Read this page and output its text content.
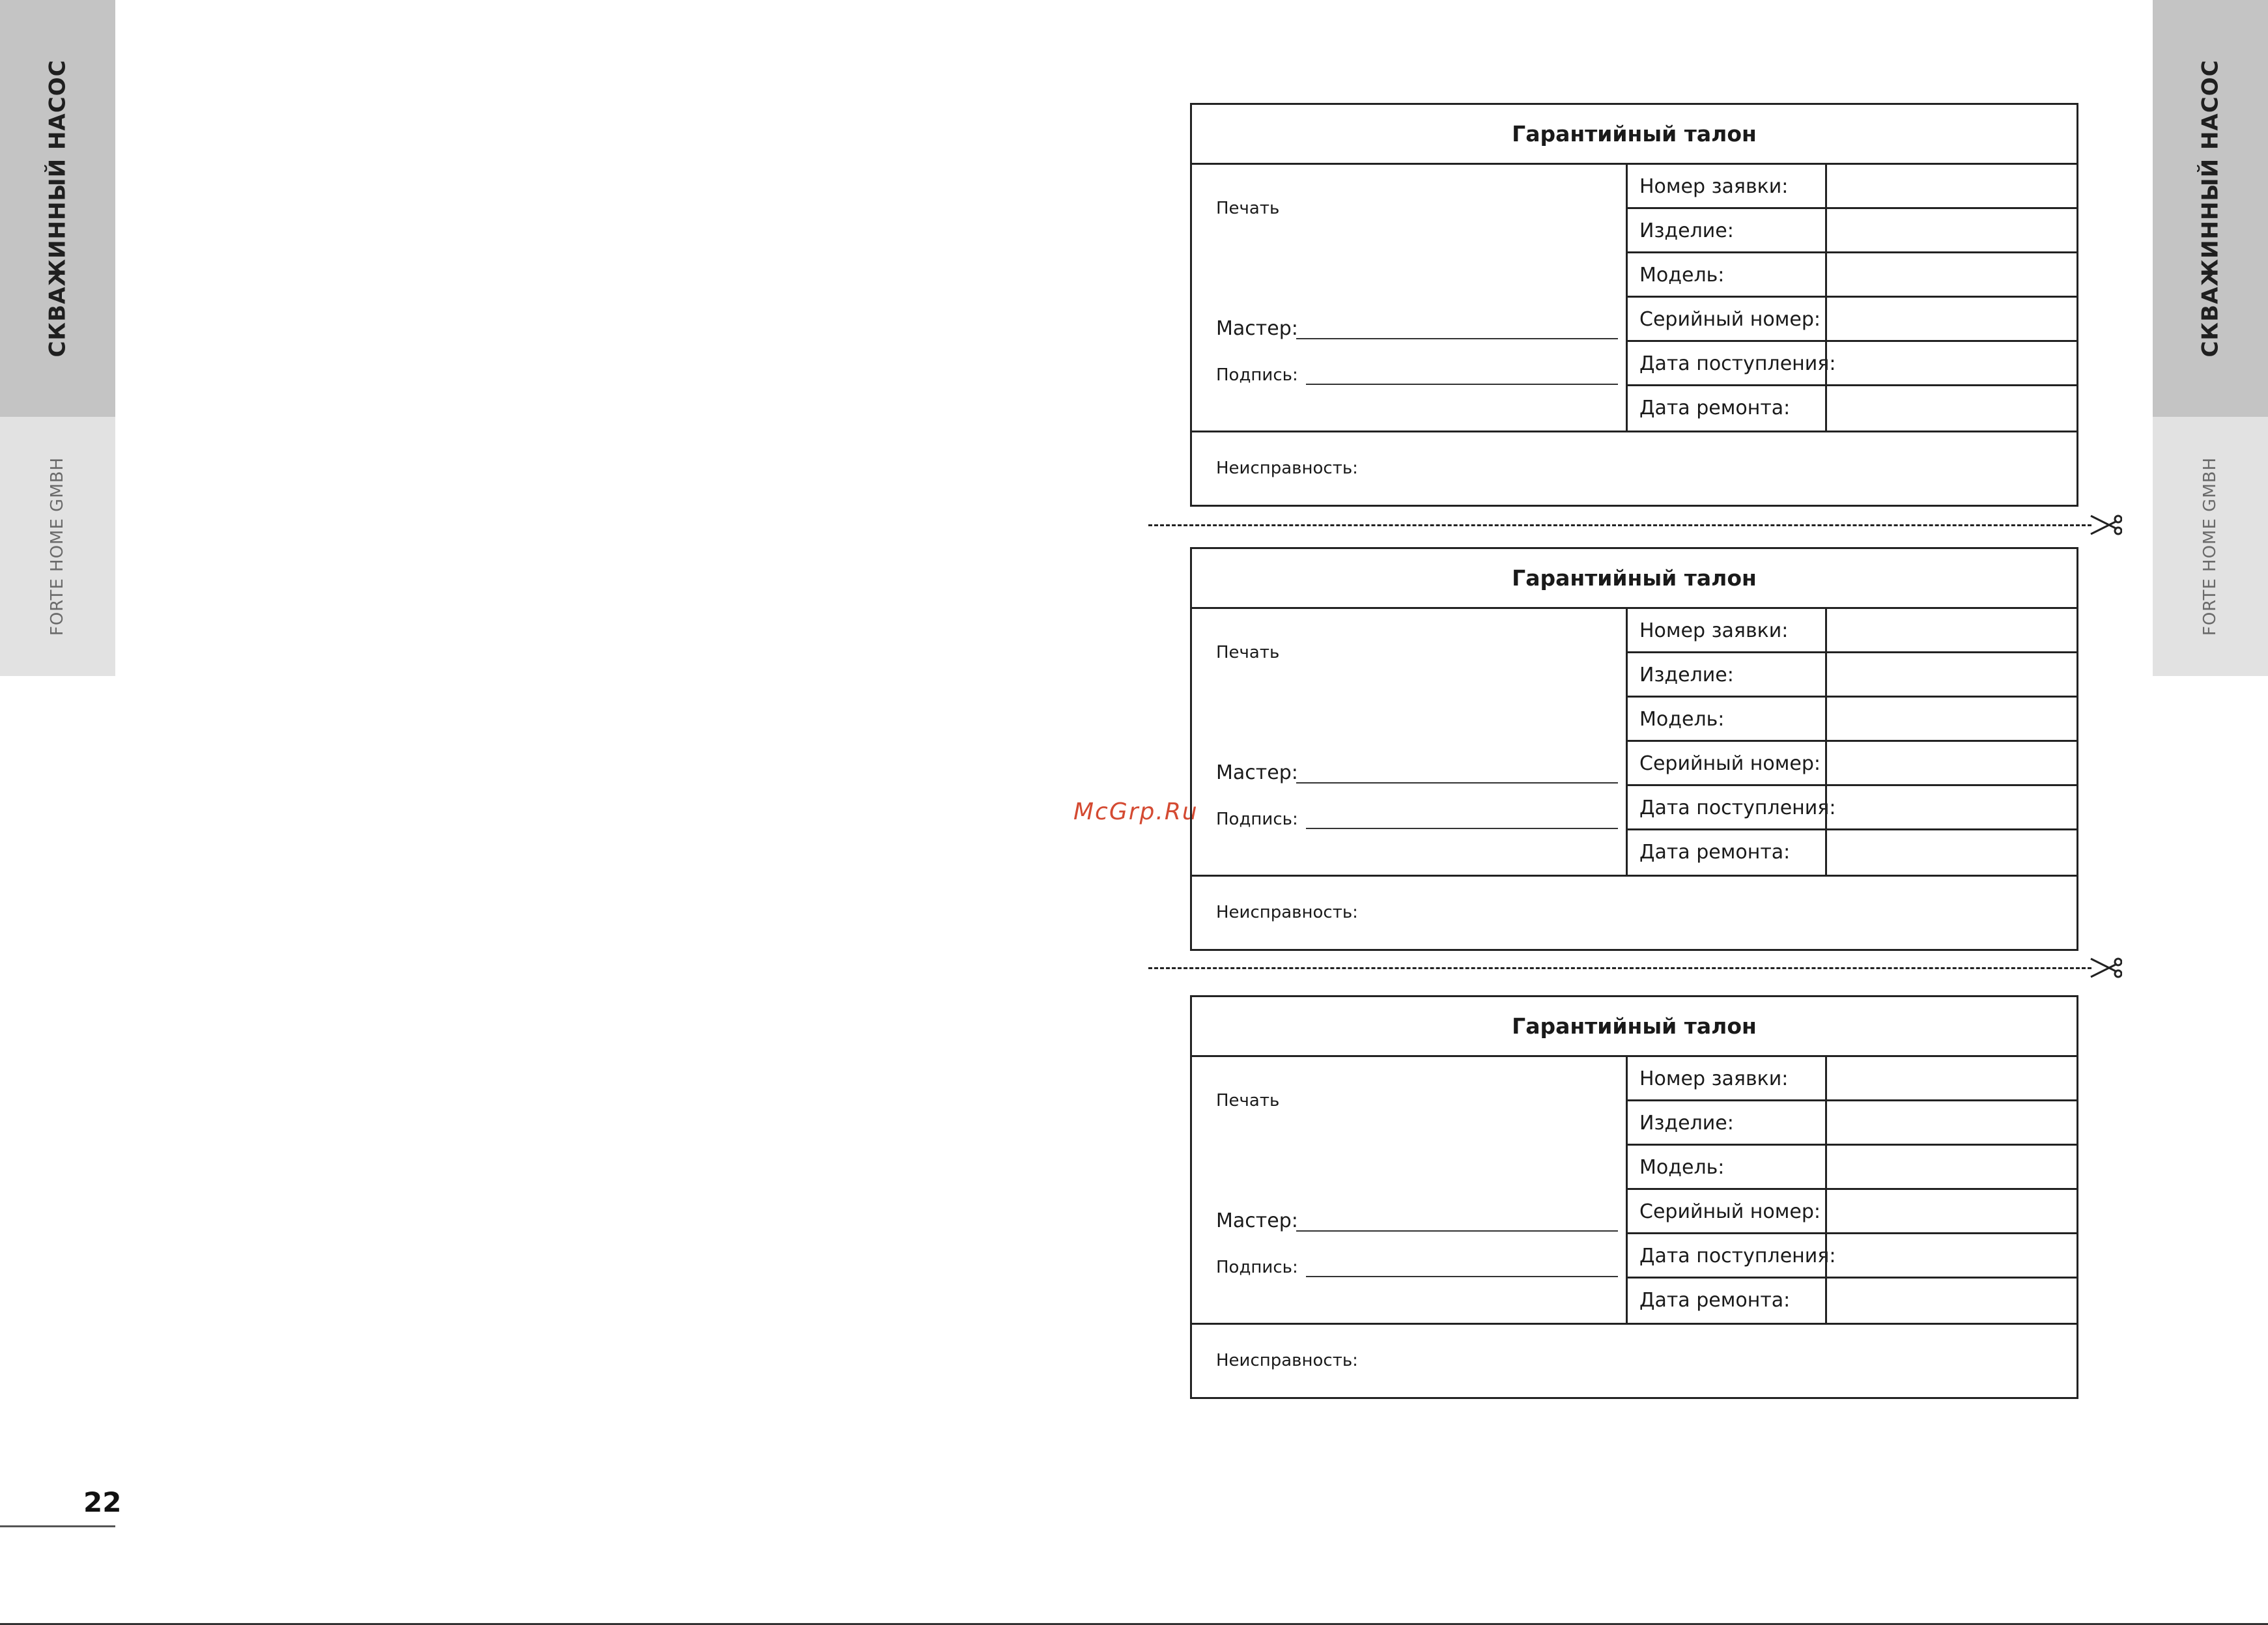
СКВАЖИННЫЙ НАСОС
FORTE HOME GMBH
СКВАЖИННЫЙ НАСОС
FORTE HOME GMBH
22
McGrp.Ru
Гарантийный талон
Печать
Мастер:
Подпись:
Номер заявки:
Изделие:
Модель:
Серийный номер:
Дата поступления:
Дата ремонта:
Неисправность:
Гарантийный талон
Печать
Мастер:
Подпись:
Номер заявки:
Изделие:
Модель:
Серийный номер:
Дата поступления:
Дата ремонта:
Неисправность:
Гарантийный талон
Печать
Мастер:
Подпись:
Номер заявки:
Изделие:
Модель:
Серийный номер:
Дата поступления:
Дата ремонта:
Неисправность:
